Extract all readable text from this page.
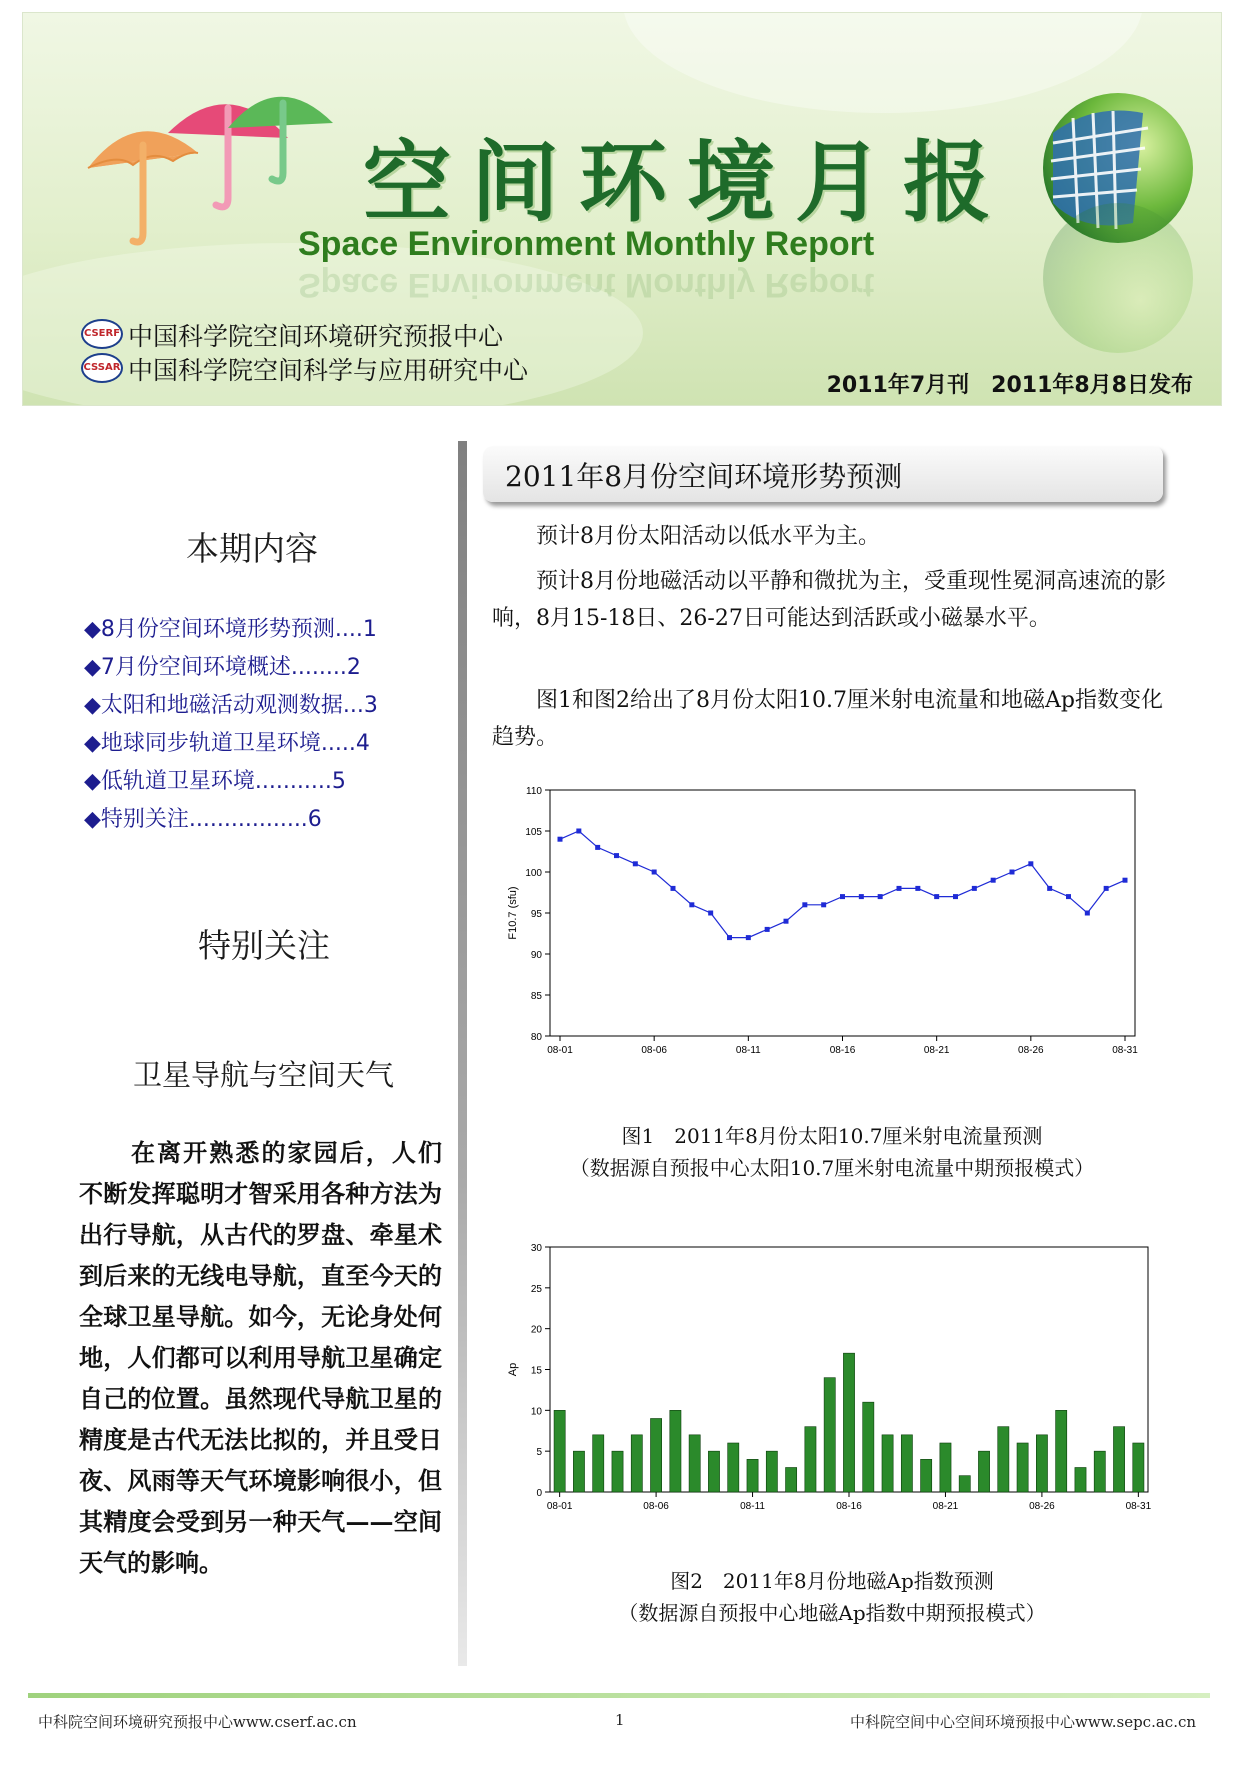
空间环境月报
Space Environment Monthly Report
Space Environment Monthly Report
CSERF 中国科学院空间环境研究预报中心
CSSAR 中国科学院空间科学与应用研究中心
2011年7月刊　2011年8月8日发布
本期内容
◆8月份空间环境形势预测....1
◆7月份空间环境概述........2
◆太阳和地磁活动观测数据...3
◆地球同步轨道卫星环境.....4
◆低轨道卫星环境...........5
◆特别关注.................6
特别关注
卫星导航与空间天气

在离开熟悉的家园后，人们不断发挥聪明才智采用各种方法为出行导航，从古代的罗盘、牵星术到后来的无线电导航，直至今天的全球卫星导航。如今，无论身处何地，人们都可以利用导航卫星确定自己的位置。虽然现代导航卫星的精度是古代无法比拟的，并且受日夜、风雨等天气环境影响很小，但其精度会受到另一种天气——空间天气的影响。

2011年8月份空间环境形势预测

预计8月份太阳活动以低水平为主。

预计8月份地磁活动以平静和微扰为主，受重现性冕洞高速流的影响，8月15-18日、26-27日可能达到活跃或小磁暴水平。

图1和图2给出了8月份太阳10.7厘米射电流量和地磁Ap指数变化趋势。

80
85
90
95
100
105
110
08-01	08-06	08-11	08-16	08-21	08-26	08-31
F10.7 (sfu)
图1　2011年8月份太阳10.7厘米射电流量预测
（数据源自预报中心太阳10.7厘米射电流量中期预报模式）
0
5
10
15
20
25
30
08-01	08-06	08-11	08-16	08-21	08-26	08-31
Ap
图2　2011年8月份地磁Ap指数预测
（数据源自预报中心地磁Ap指数中期预报模式）
中科院空间环境研究预报中心www.cserf.ac.cn	1	中科院空间中心空间环境预报中心www.sepc.ac.cn
